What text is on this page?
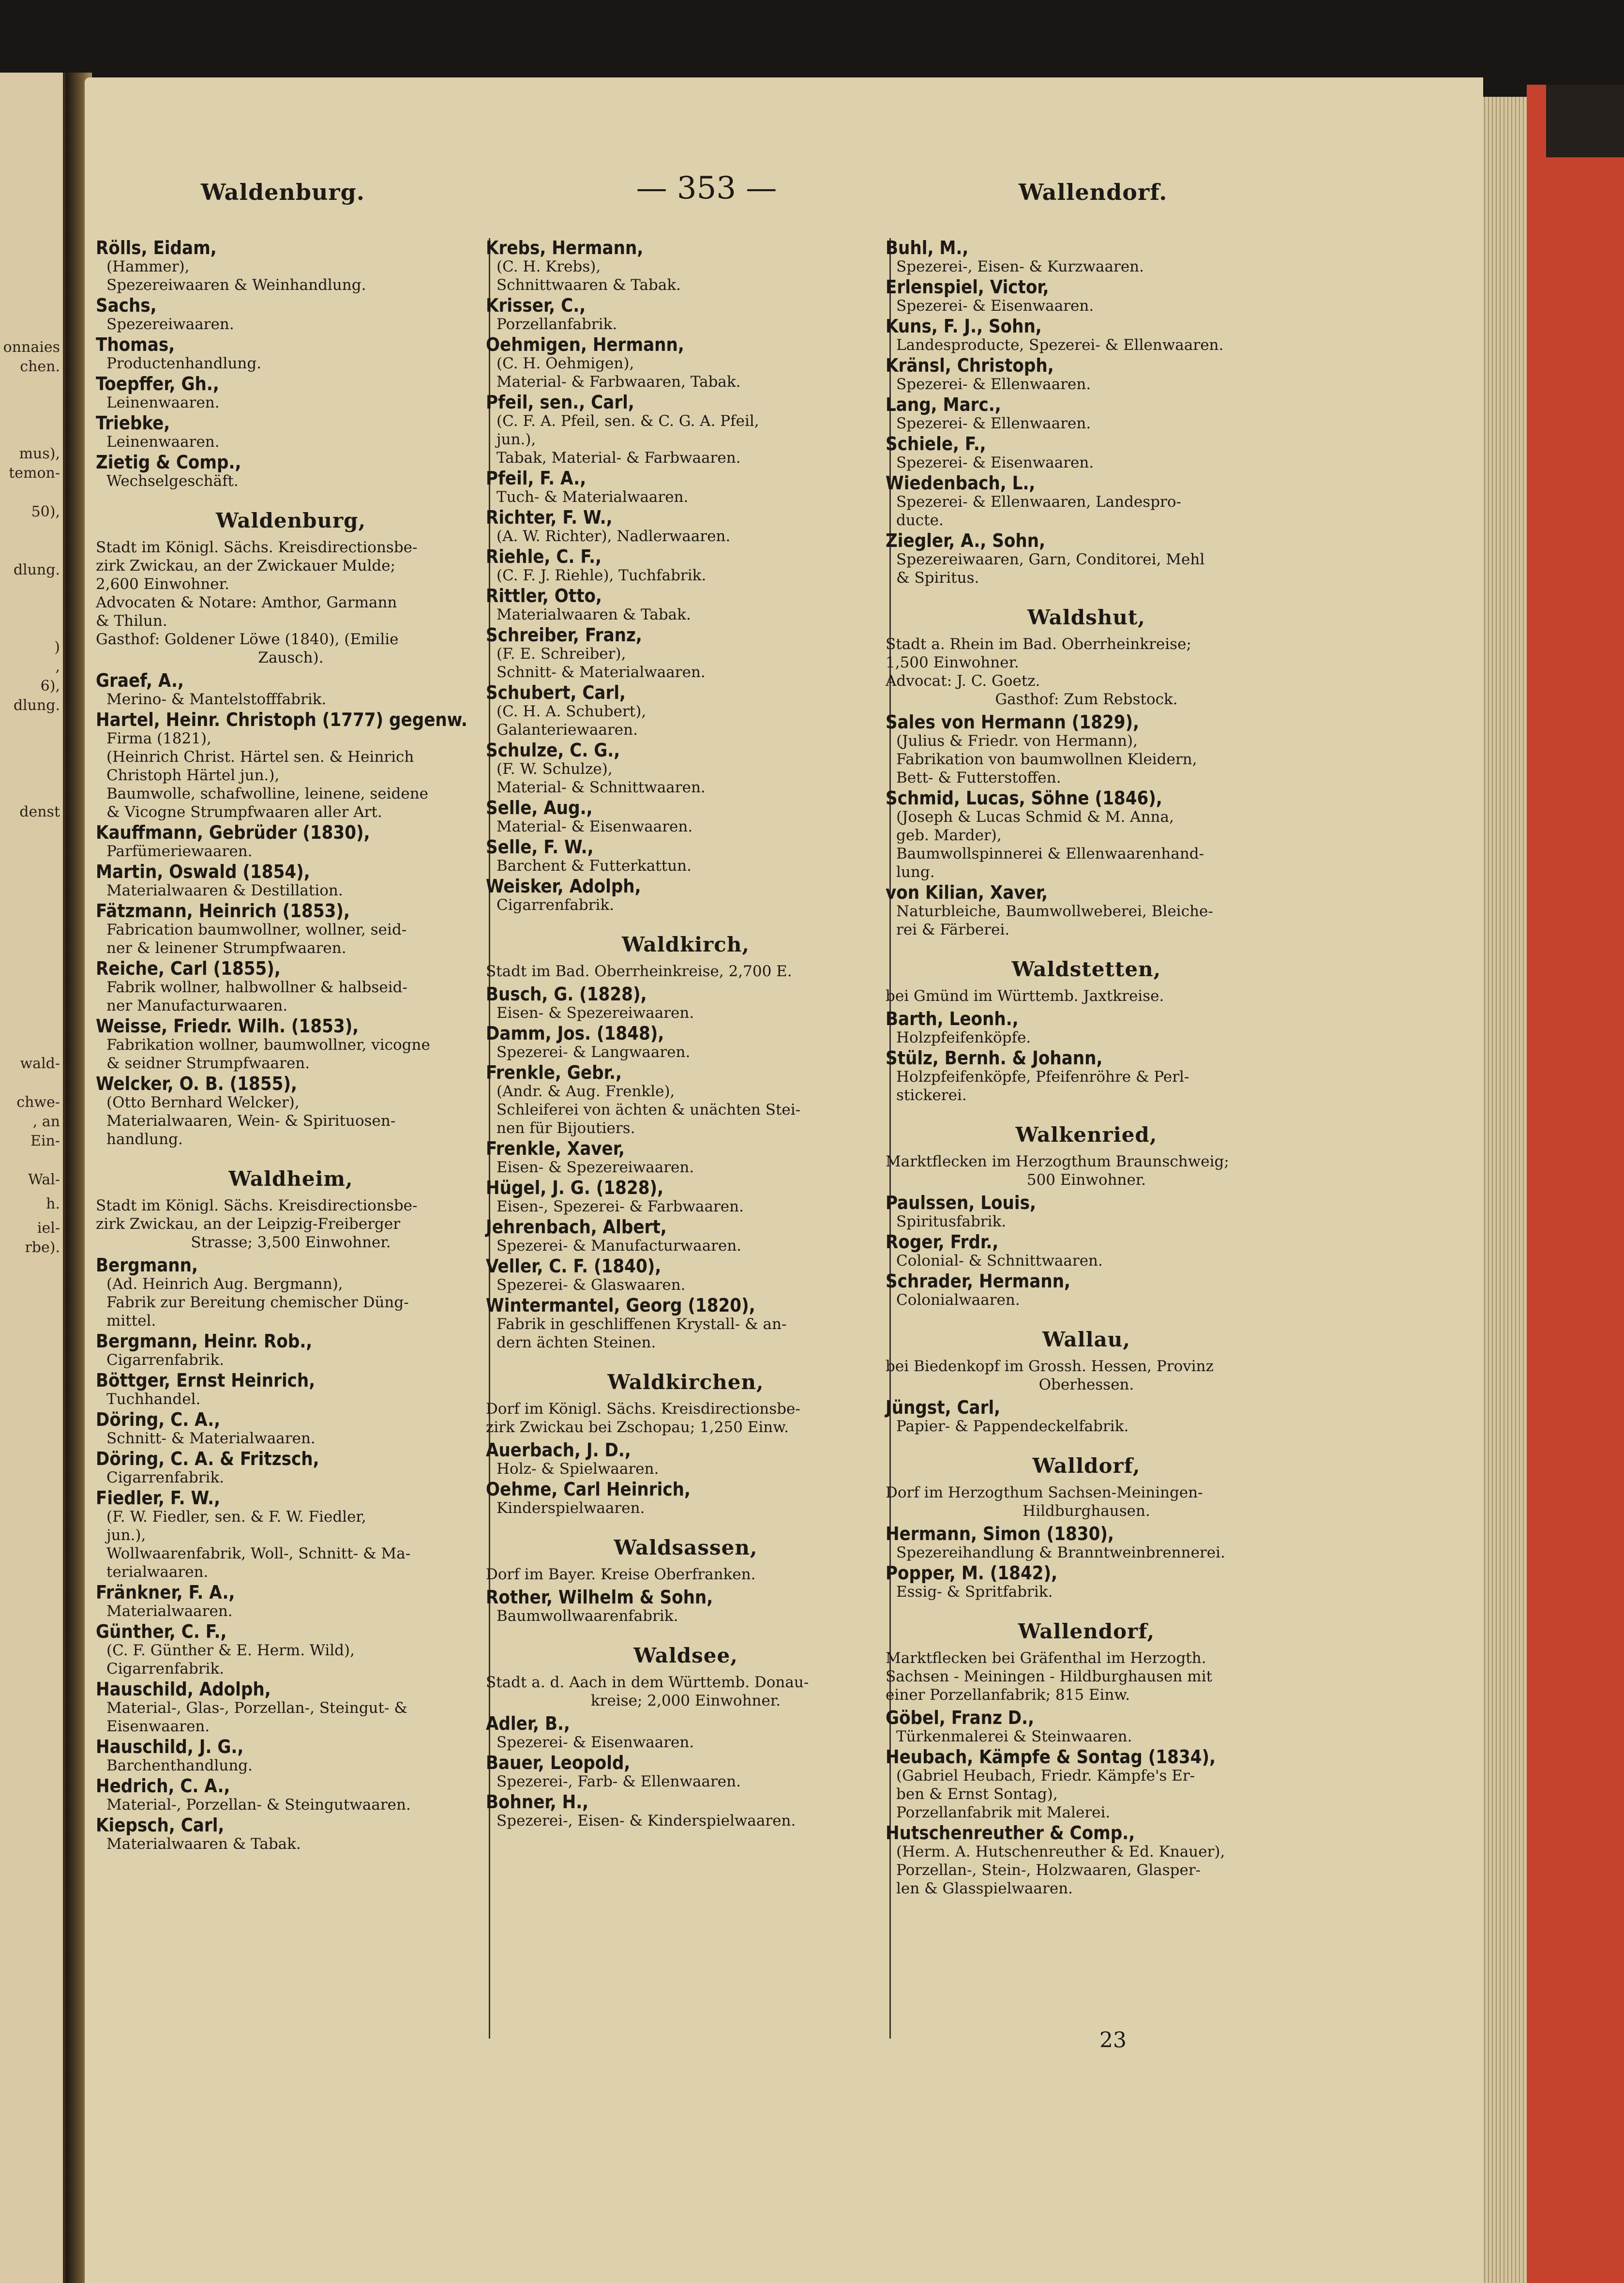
onnaies
chen.
mus),
temon-
50),
dlung.
)
,
6),
dlung.
denst
wald-
chwe-
, an
Ein-
Wal-
h.
iel-
rbe).
Waldenburg.	— 353 —	Wallendorf.
Rölls, Eidam,
(Hammer),
Spezereiwaaren & Weinhandlung.
Sachs,
Spezereiwaaren.
Thomas,
Productenhandlung.
Toepffer, Gh.,
Leinenwaaren.
Triebke,
Leinenwaaren.
Zietig & Comp.,
Wechselgeschäft.
Waldenburg,
Stadt im Königl. Sächs. Kreisdirectionsbe-
zirk Zwickau, an der Zwickauer Mulde;
2,600 Einwohner.
Advocaten & Notare: Amthor, Garmann
& Thilun.
Gasthof: Goldener Löwe (1840), (Emilie
Zausch).
Graef, A.,
Merino- & Mantelstofffabrik.
Hartel, Heinr. Christoph (1777) gegenw.
Firma (1821),
(Heinrich Christ. Härtel sen. & Heinrich
Christoph Härtel jun.),
Baumwolle, schafwolline, leinene, seidene
& Vicogne Strumpfwaaren aller Art.
Kauffmann, Gebrüder (1830),
Parfümeriewaaren.
Martin, Oswald (1854),
Materialwaaren & Destillation.
Fätzmann, Heinrich (1853),
Fabrication baumwollner, wollner, seid-
ner & leinener Strumpfwaaren.
Reiche, Carl (1855),
Fabrik wollner, halbwollner & halbseid-
ner Manufacturwaaren.
Weisse, Friedr. Wilh. (1853),
Fabrikation wollner, baumwollner, vicogne
& seidner Strumpfwaaren.
Welcker, O. B. (1855),
(Otto Bernhard Welcker),
Materialwaaren, Wein- & Spirituosen-
handlung.
Waldheim,
Stadt im Königl. Sächs. Kreisdirectionsbe-
zirk Zwickau, an der Leipzig-Freiberger
Strasse; 3,500 Einwohner.
Bergmann,
(Ad. Heinrich Aug. Bergmann),
Fabrik zur Bereitung chemischer Düng-
mittel.
Bergmann, Heinr. Rob.,
Cigarrenfabrik.
Böttger, Ernst Heinrich,
Tuchhandel.
Döring, C. A.,
Schnitt- & Materialwaaren.
Döring, C. A. & Fritzsch,
Cigarrenfabrik.
Fiedler, F. W.,
(F. W. Fiedler, sen. & F. W. Fiedler,
jun.),
Wollwaarenfabrik, Woll-, Schnitt- & Ma-
terialwaaren.
Fränkner, F. A.,
Materialwaaren.
Günther, C. F.,
(C. F. Günther & E. Herm. Wild),
Cigarrenfabrik.
Hauschild, Adolph,
Material-, Glas-, Porzellan-, Steingut- &
Eisenwaaren.
Hauschild, J. G.,
Barchenthandlung.
Hedrich, C. A.,
Material-, Porzellan- & Steingutwaaren.
Kiepsch, Carl,
Materialwaaren & Tabak.
Krebs, Hermann,
(C. H. Krebs),
Schnittwaaren & Tabak.
Krisser, C.,
Porzellanfabrik.
Oehmigen, Hermann,
(C. H. Oehmigen),
Material- & Farbwaaren, Tabak.
Pfeil, sen., Carl,
(C. F. A. Pfeil, sen. & C. G. A. Pfeil,
jun.),
Tabak, Material- & Farbwaaren.
Pfeil, F. A.,
Tuch- & Materialwaaren.
Richter, F. W.,
(A. W. Richter), Nadlerwaaren.
Riehle, C. F.,
(C. F. J. Riehle), Tuchfabrik.
Rittler, Otto,
Materialwaaren & Tabak.
Schreiber, Franz,
(F. E. Schreiber),
Schnitt- & Materialwaaren.
Schubert, Carl,
(C. H. A. Schubert),
Galanteriewaaren.
Schulze, C. G.,
(F. W. Schulze),
Material- & Schnittwaaren.
Selle, Aug.,
Material- & Eisenwaaren.
Selle, F. W.,
Barchent & Futterkattun.
Weisker, Adolph,
Cigarrenfabrik.
Waldkirch,
Stadt im Bad. Oberrheinkreise, 2,700 E.
Busch, G. (1828),
Eisen- & Spezereiwaaren.
Damm, Jos. (1848),
Spezerei- & Langwaaren.
Frenkle, Gebr.,
(Andr. & Aug. Frenkle),
Schleiferei von ächten & unächten Stei-
nen für Bijoutiers.
Frenkle, Xaver,
Eisen- & Spezereiwaaren.
Hügel, J. G. (1828),
Eisen-, Spezerei- & Farbwaaren.
Jehrenbach, Albert,
Spezerei- & Manufacturwaaren.
Veller, C. F. (1840),
Spezerei- & Glaswaaren.
Wintermantel, Georg (1820),
Fabrik in geschliffenen Krystall- & an-
dern ächten Steinen.
Waldkirchen,
Dorf im Königl. Sächs. Kreisdirectionsbe-
zirk Zwickau bei Zschopau; 1,250 Einw.
Auerbach, J. D.,
Holz- & Spielwaaren.
Oehme, Carl Heinrich,
Kinderspielwaaren.
Waldsassen,
Dorf im Bayer. Kreise Oberfranken.
Rother, Wilhelm & Sohn,
Baumwollwaarenfabrik.
Waldsee,
Stadt a. d. Aach in dem Württemb. Donau-
kreise; 2,000 Einwohner.
Adler, B.,
Spezerei- & Eisenwaaren.
Bauer, Leopold,
Spezerei-, Farb- & Ellenwaaren.
Bohner, H.,
Spezerei-, Eisen- & Kinderspielwaaren.
Buhl, M.,
Spezerei-, Eisen- & Kurzwaaren.
Erlenspiel, Victor,
Spezerei- & Eisenwaaren.
Kuns, F. J., Sohn,
Landesproducte, Spezerei- & Ellenwaaren.
Kränsl, Christoph,
Spezerei- & Ellenwaaren.
Lang, Marc.,
Spezerei- & Ellenwaaren.
Schiele, F.,
Spezerei- & Eisenwaaren.
Wiedenbach, L.,
Spezerei- & Ellenwaaren, Landespro-
ducte.
Ziegler, A., Sohn,
Spezereiwaaren, Garn, Conditorei, Mehl
& Spiritus.
Waldshut,
Stadt a. Rhein im Bad. Oberrheinkreise;
1,500 Einwohner.
Advocat: J. C. Goetz.
Gasthof: Zum Rebstock.
Sales von Hermann (1829),
(Julius & Friedr. von Hermann),
Fabrikation von baumwollnen Kleidern,
Bett- & Futterstoffen.
Schmid, Lucas, Söhne (1846),
(Joseph & Lucas Schmid & M. Anna,
geb. Marder),
Baumwollspinnerei & Ellenwaarenhand-
lung.
von Kilian, Xaver,
Naturbleiche, Baumwollweberei, Bleiche-
rei & Färberei.
Waldstetten,
bei Gmünd im Württemb. Jaxtkreise.
Barth, Leonh.,
Holzpfeifenköpfe.
Stülz, Bernh. & Johann,
Holzpfeifenköpfe, Pfeifenröhre & Perl-
stickerei.
Walkenried,
Marktflecken im Herzogthum Braunschweig;
500 Einwohner.
Paulssen, Louis,
Spiritusfabrik.
Roger, Frdr.,
Colonial- & Schnittwaaren.
Schrader, Hermann,
Colonialwaaren.
Wallau,
bei Biedenkopf im Grossh. Hessen, Provinz
Oberhessen.
Jüngst, Carl,
Papier- & Pappendeckelfabrik.
Walldorf,
Dorf im Herzogthum Sachsen-Meiningen-
Hildburghausen.
Hermann, Simon (1830),
Spezereihandlung & Branntweinbrennerei.
Popper, M. (1842),
Essig- & Spritfabrik.
Wallendorf,
Marktflecken bei Gräfenthal im Herzogth.
Sachsen - Meiningen - Hildburghausen mit
einer Porzellanfabrik; 815 Einw.
Göbel, Franz D.,
Türkenmalerei & Steinwaaren.
Heubach, Kämpfe & Sontag (1834),
(Gabriel Heubach, Friedr. Kämpfe's Er-
ben & Ernst Sontag),
Porzellanfabrik mit Malerei.
Hutschenreuther & Comp.,
(Herm. A. Hutschenreuther & Ed. Knauer),
Porzellan-, Stein-, Holzwaaren, Glasper-
len & Glasspielwaaren.
23
